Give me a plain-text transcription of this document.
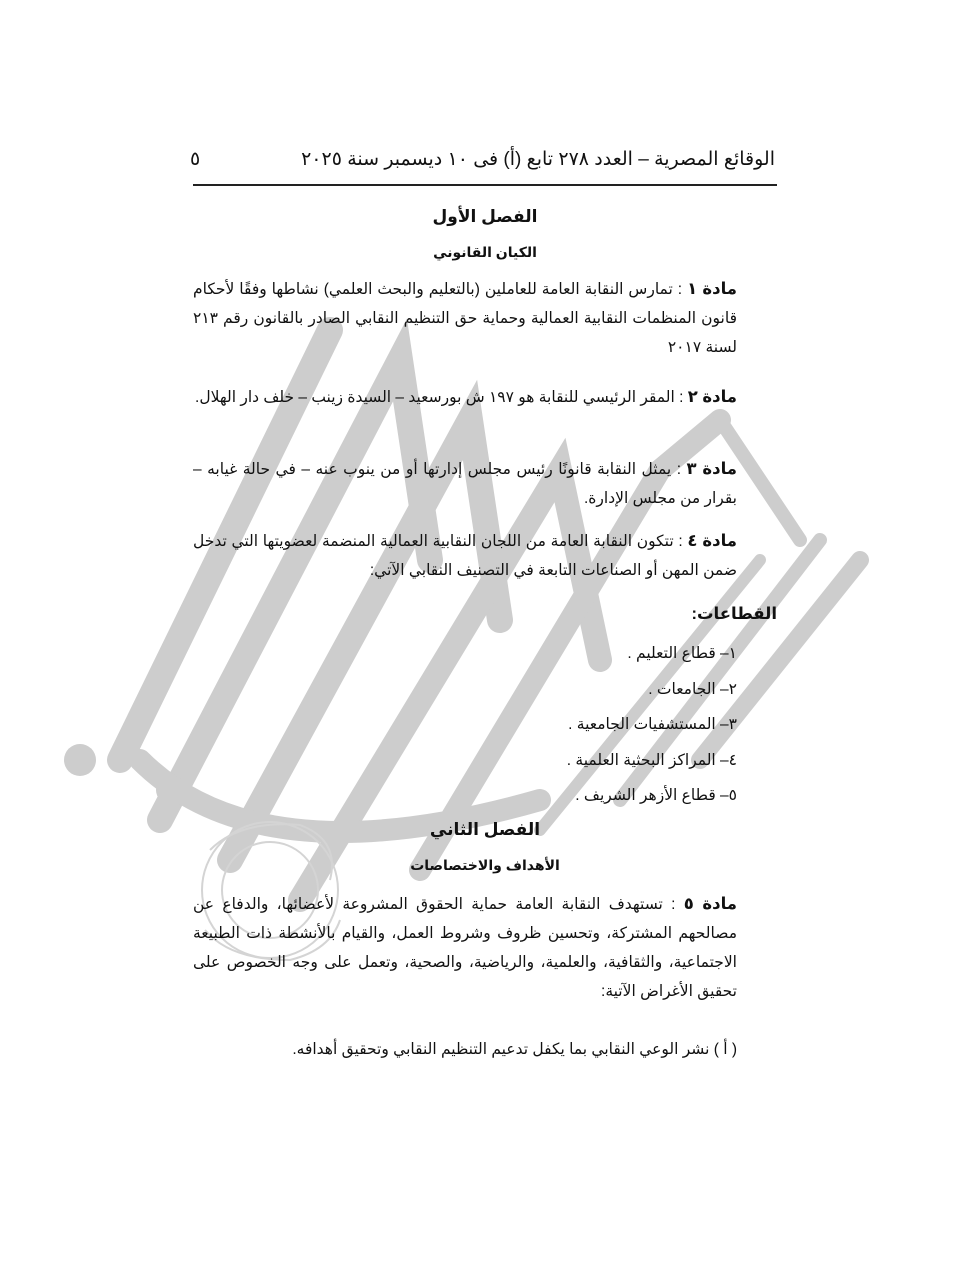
الوقائع المصرية – العدد ٢٧٨ تابع (أ) فى ١٠ ديسمبر سنة ٢٠٢٥
٥
الفصل الأول
الكيان القانوني
مادة ١ : تمارس النقابة العامة للعاملين (بالتعليم والبحث العلمي) نشاطها وفقًا لأحكام قانون المنظمات النقابية العمالية وحماية حق التنظيم النقابي الصادر بالقانون رقم ٢١٣ لسنة ٢٠١٧
مادة ٢ : المقر الرئيسي للنقابة هو ١٩٧ ش بورسعيد – السيدة زينب – خلف دار الهلال.
مادة ٣ : يمثل النقابة قانونًا رئيس مجلس إدارتها أو من ينوب عنه – في حالة غيابه – بقرار من مجلس الإدارة.
مادة ٤ : تتكون النقابة العامة من اللجان النقابية العمالية المنضمة لعضويتها التي تدخل ضمن المهن أو الصناعات التابعة في التصنيف النقابي الآتي:
القطاعات:
١– قطاع التعليم .
٢– الجامعات .
٣– المستشفيات الجامعية .
٤– المراكز البحثية العلمية .
٥– قطاع الأزهر الشريف .
الفصل الثاني
الأهداف والاختصاصات
مادة ٥ : تستهدف النقابة العامة حماية الحقوق المشروعة لأعضائها، والدفاع عن مصالحهم المشتركة، وتحسين ظروف وشروط العمل، والقيام بالأنشطة ذات الطبيعة الاجتماعية، والثقافية، والعلمية، والرياضية، والصحية، وتعمل على وجه الخصوص على تحقيق الأغراض الآتية:
( أ ) نشر الوعي النقابي بما يكفل تدعيم التنظيم النقابي وتحقيق أهدافه.
